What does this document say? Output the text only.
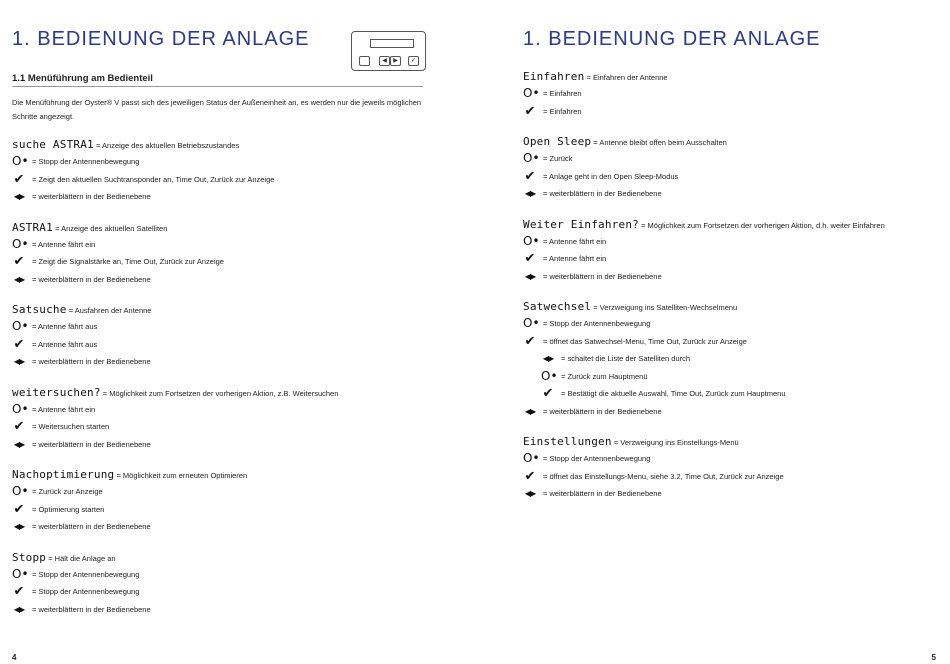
1. BEDIENUNG DER ANLAGE
◀	▶	✓
1.1 Menüführung am Bedienteil
Die Menüführung der Oyster® V passt sich des jeweiligen Status der Außeneinheit an, es werden nur die jeweils möglichen Schritte angezeigt.
suche ASTRA1 = Anzeige des aktuellen Betriebszustandes
O• = Stopp der Antennenbewegung
✔ = Zeigt den aktuellen Suchtransponder an, Time Out, Zurück zur Anzeige
◀▶ = weiterblättern in der Bedienebene
ASTRA1 = Anzeige des aktuellen Satelliten
O• = Antenne fährt ein
✔ = Zeigt die Signalstärke an, Time Out, Zurück zur Anzeige
◀▶ = weiterblättern in der Bedienebene
Satsuche = Ausfahren der Antenne
O• = Antenne fährt aus
✔ = Antenne fährt aus
◀▶ = weiterblättern in der Bedienebene
weitersuchen? = Möglichkeit zum Fortsetzen der vorherigen Aktion, z.B. Weitersuchen
O• = Antenne fährt ein
✔ = Weitersuchen starten
◀▶ = weiterblättern in der Bedienebene
Nachoptimierung = Möglichkeit zum erneuten Optimieren
O• = Zurück zur Anzeige
✔ = Optimierung starten
◀▶ = weiterblättern in der Bedienebene
Stopp = Hält die Anlage an
O• = Stopp der Antennenbewegung
✔ = Stopp der Antennenbewegung
◀▶ = weiterblättern in der Bedienebene
4
1. BEDIENUNG DER ANLAGE
Einfahren = Einfahren der Antenne
O• = Einfahren
✔ = Einfahren
Open Sleep = Antenne bleibt offen beim Ausschalten
O• = Zurück
✔ = Anlage geht in den Open Sleep-Modus
◀▶ = weiterblättern in der Bedienebene
Weiter Einfahren? = Möglichkeit zum Fortsetzen der vorherigen Aktion, d.h. weiter Einfahren
O• = Antenne fährt ein
✔ = Antenne fährt ein
◀▶ = weiterblättern in der Bedienebene
Satwechsel = Verzweigung ins Satelliten-Wechselmenu
O• = Stopp der Antennenbewegung
✔ = öffnet das Satwechsel-Menu, Time Out, Zurück zur Anzeige
◀▶ = schaltet die Liste der Satelliten durch
O• = Zurück zum Hauptmenü
✔ = Bestätigt die aktuelle Auswahl, Time Out, Zurück zum Hauptmenu
◀▶ = weiterblättern in der Bedienebene
Einstellungen = Verzweigung ins Einstellungs-Menü
O• = Stopp der Antennenbewegung
✔ = öffnet das Einstellungs-Menu, siehe 3.2, Time Out, Zurück zur Anzeige
◀▶ = weiterblättern in der Bedienebene
5
